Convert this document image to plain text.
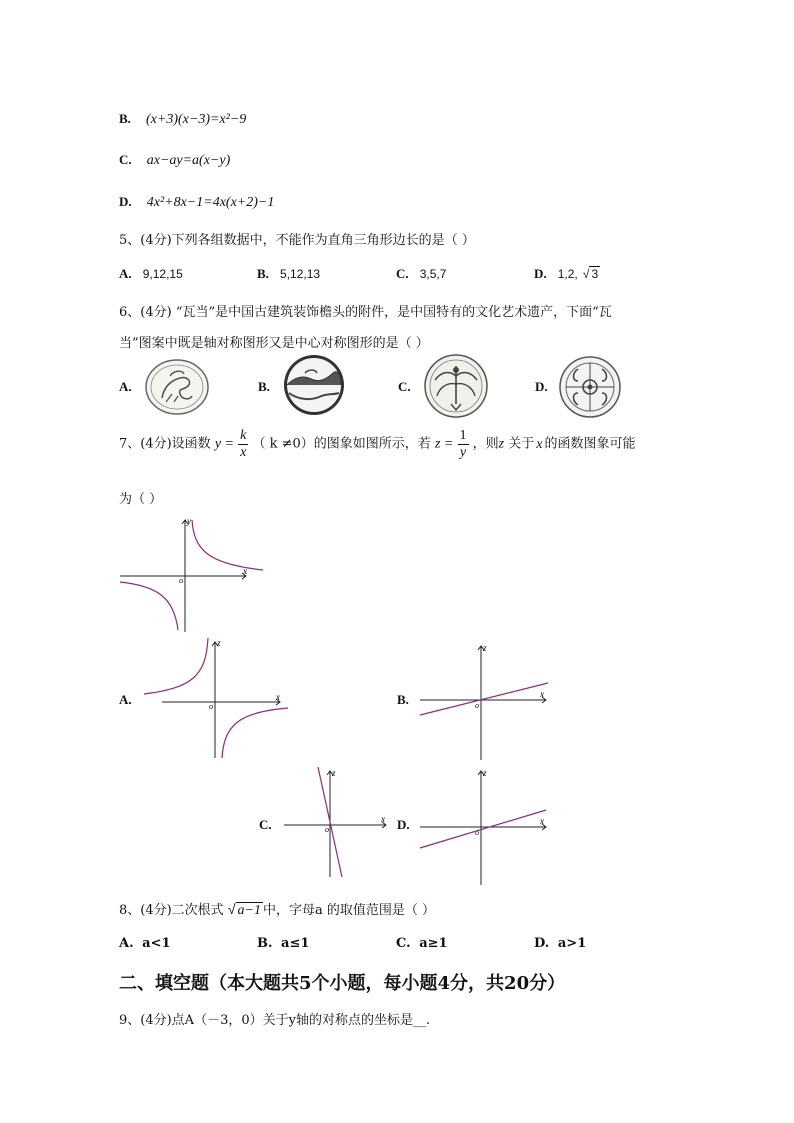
B. (x+3)(x−3)=x²−9
C. ax−ay=a(x−y)
D. 4x²+8x−1=4x(x+2)−1
5、(4分)下列各组数据中，不能作为直角三角形边长的是（ ）
A. 9,12,15	B. 5,12,13	C. 3,5,7	D. 1,2, √ 3
6、(4分) “瓦当”是中国古建筑装饰檐头的附件，是中国特有的文化艺术遗产，下面“瓦
当”图案中既是轴对称图形又是中心对称图形的是（ ）
A.	B.	C.	D.
7、(4分)设函数 $y = \frac{k}{x}$ （ k ≠0）的图象如图所示，若 $z = \frac{1}{y}$ ，则z 关于 x 的函数图象可能
为（ ）
x
y
o
A.	x
z
o	B.	x
z
o
C.	x
z
o	D.	x
z
o
8、(4分)二次根式 √ a−1 中，字母a 的取值范围是（ ）
A. a<1	B. a≤1	C. a≥1	D. a>1
二、填空题（本大题共5个小题，每小题4分，共20分）
9、(4分)点A（－3，0）关于y轴的对称点的坐标是__.
